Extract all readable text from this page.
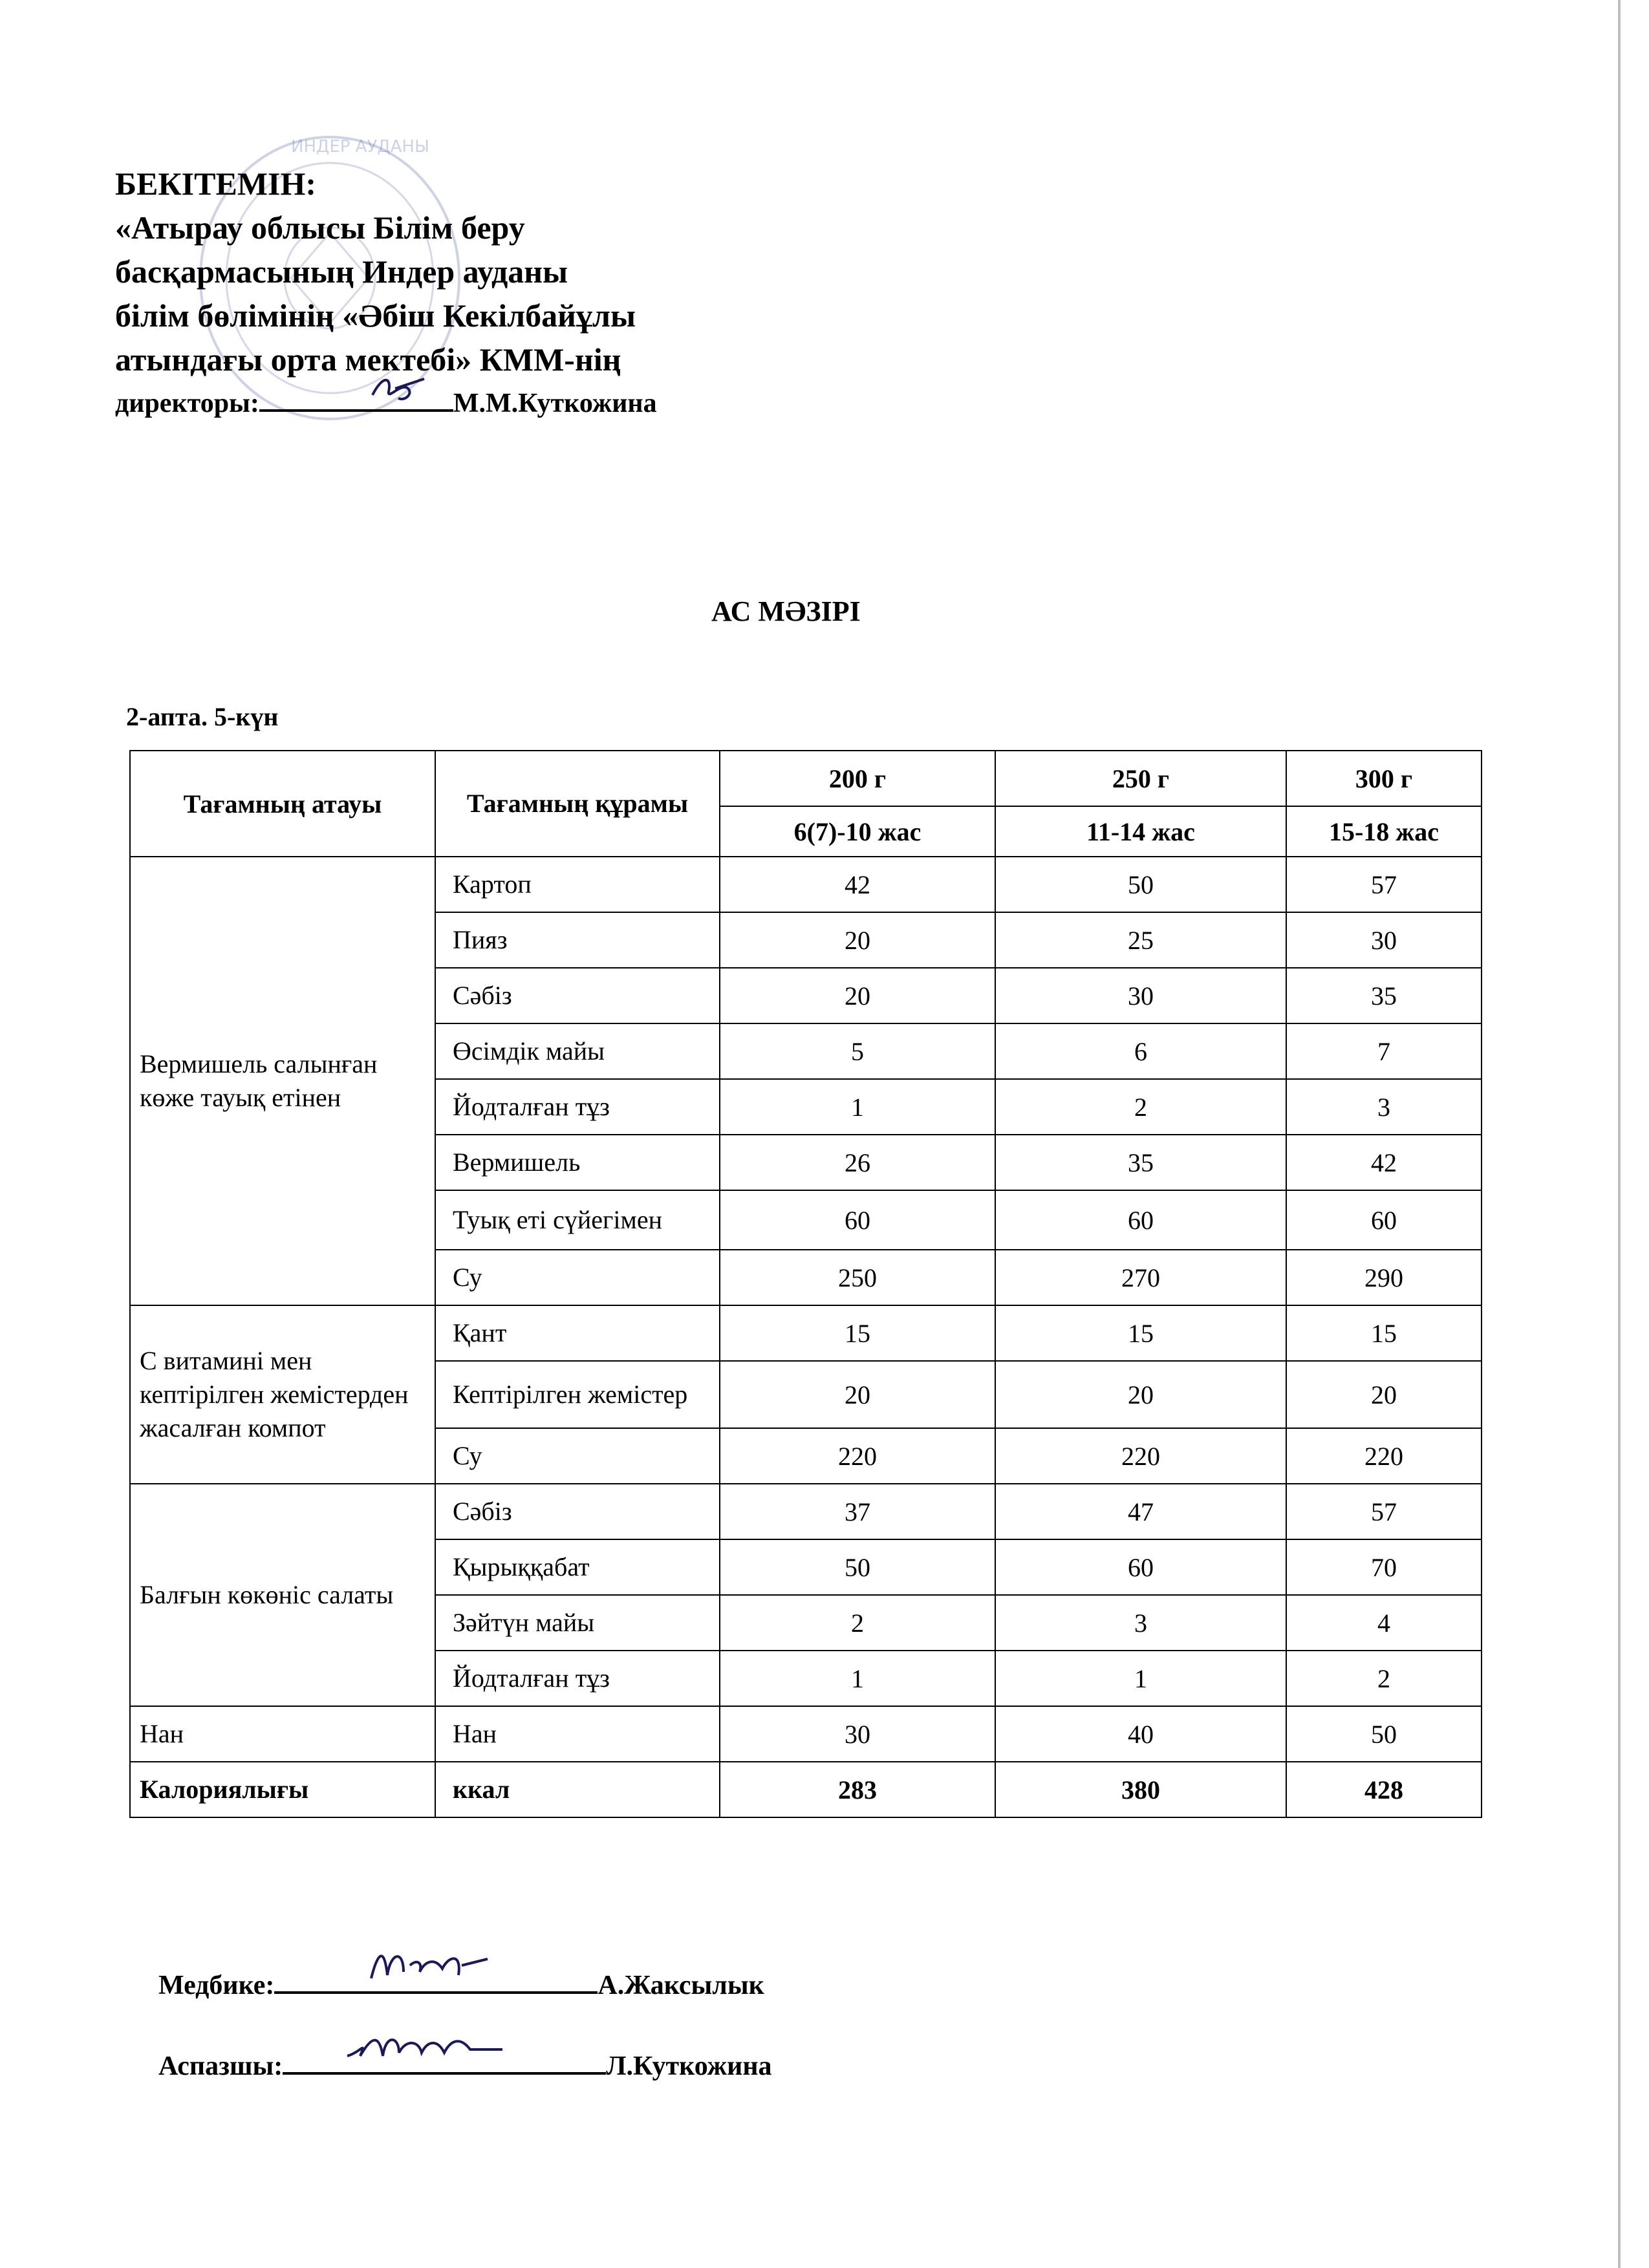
ИНДЕР АУДАНЫ
БЕКІТЕМІН:
«Атырау облысы Білім беру
басқармасының Индер ауданы
білім бөлімінің «Әбіш Кекілбайұлы
атындағы орта мектебі» КММ-нің
директоры:	М.М.Куткожина
АС МӘЗІРІ
2-апта. 5-күн
Тағамның атауы	Тағамның құрамы	200 г	250 г	300 г
		6(7)-10 жас	11-14 жас	15-18 жас
Вермишель салынған көже тауық етінен	Картоп	42	50	57
	Пияз	20	25	30
	Сәбіз	20	30	35
	Өсімдік майы	5	6	7
	Йодталған тұз	1	2	3
	Вермишель	26	35	42
	Туық еті сүйегімен	60	60	60
	Су	250	270	290
С витамині мен кептірілген жемістерден жасалған компот	Қант	15	15	15
	Кептірілген жемістер	20	20	20
	Су	220	220	220
Балғын көкөніс салаты	Сәбіз	37	47	57
	Қырыққабат	50	60	70
	Зәйтүн майы	2	3	4
	Йодталған тұз	1	1	2
Нан	Нан	30	40	50
Калориялығы	ккал	283	380	428
Медбике:	А.Жаксылык
Аспазшы:	Л.Куткожина
